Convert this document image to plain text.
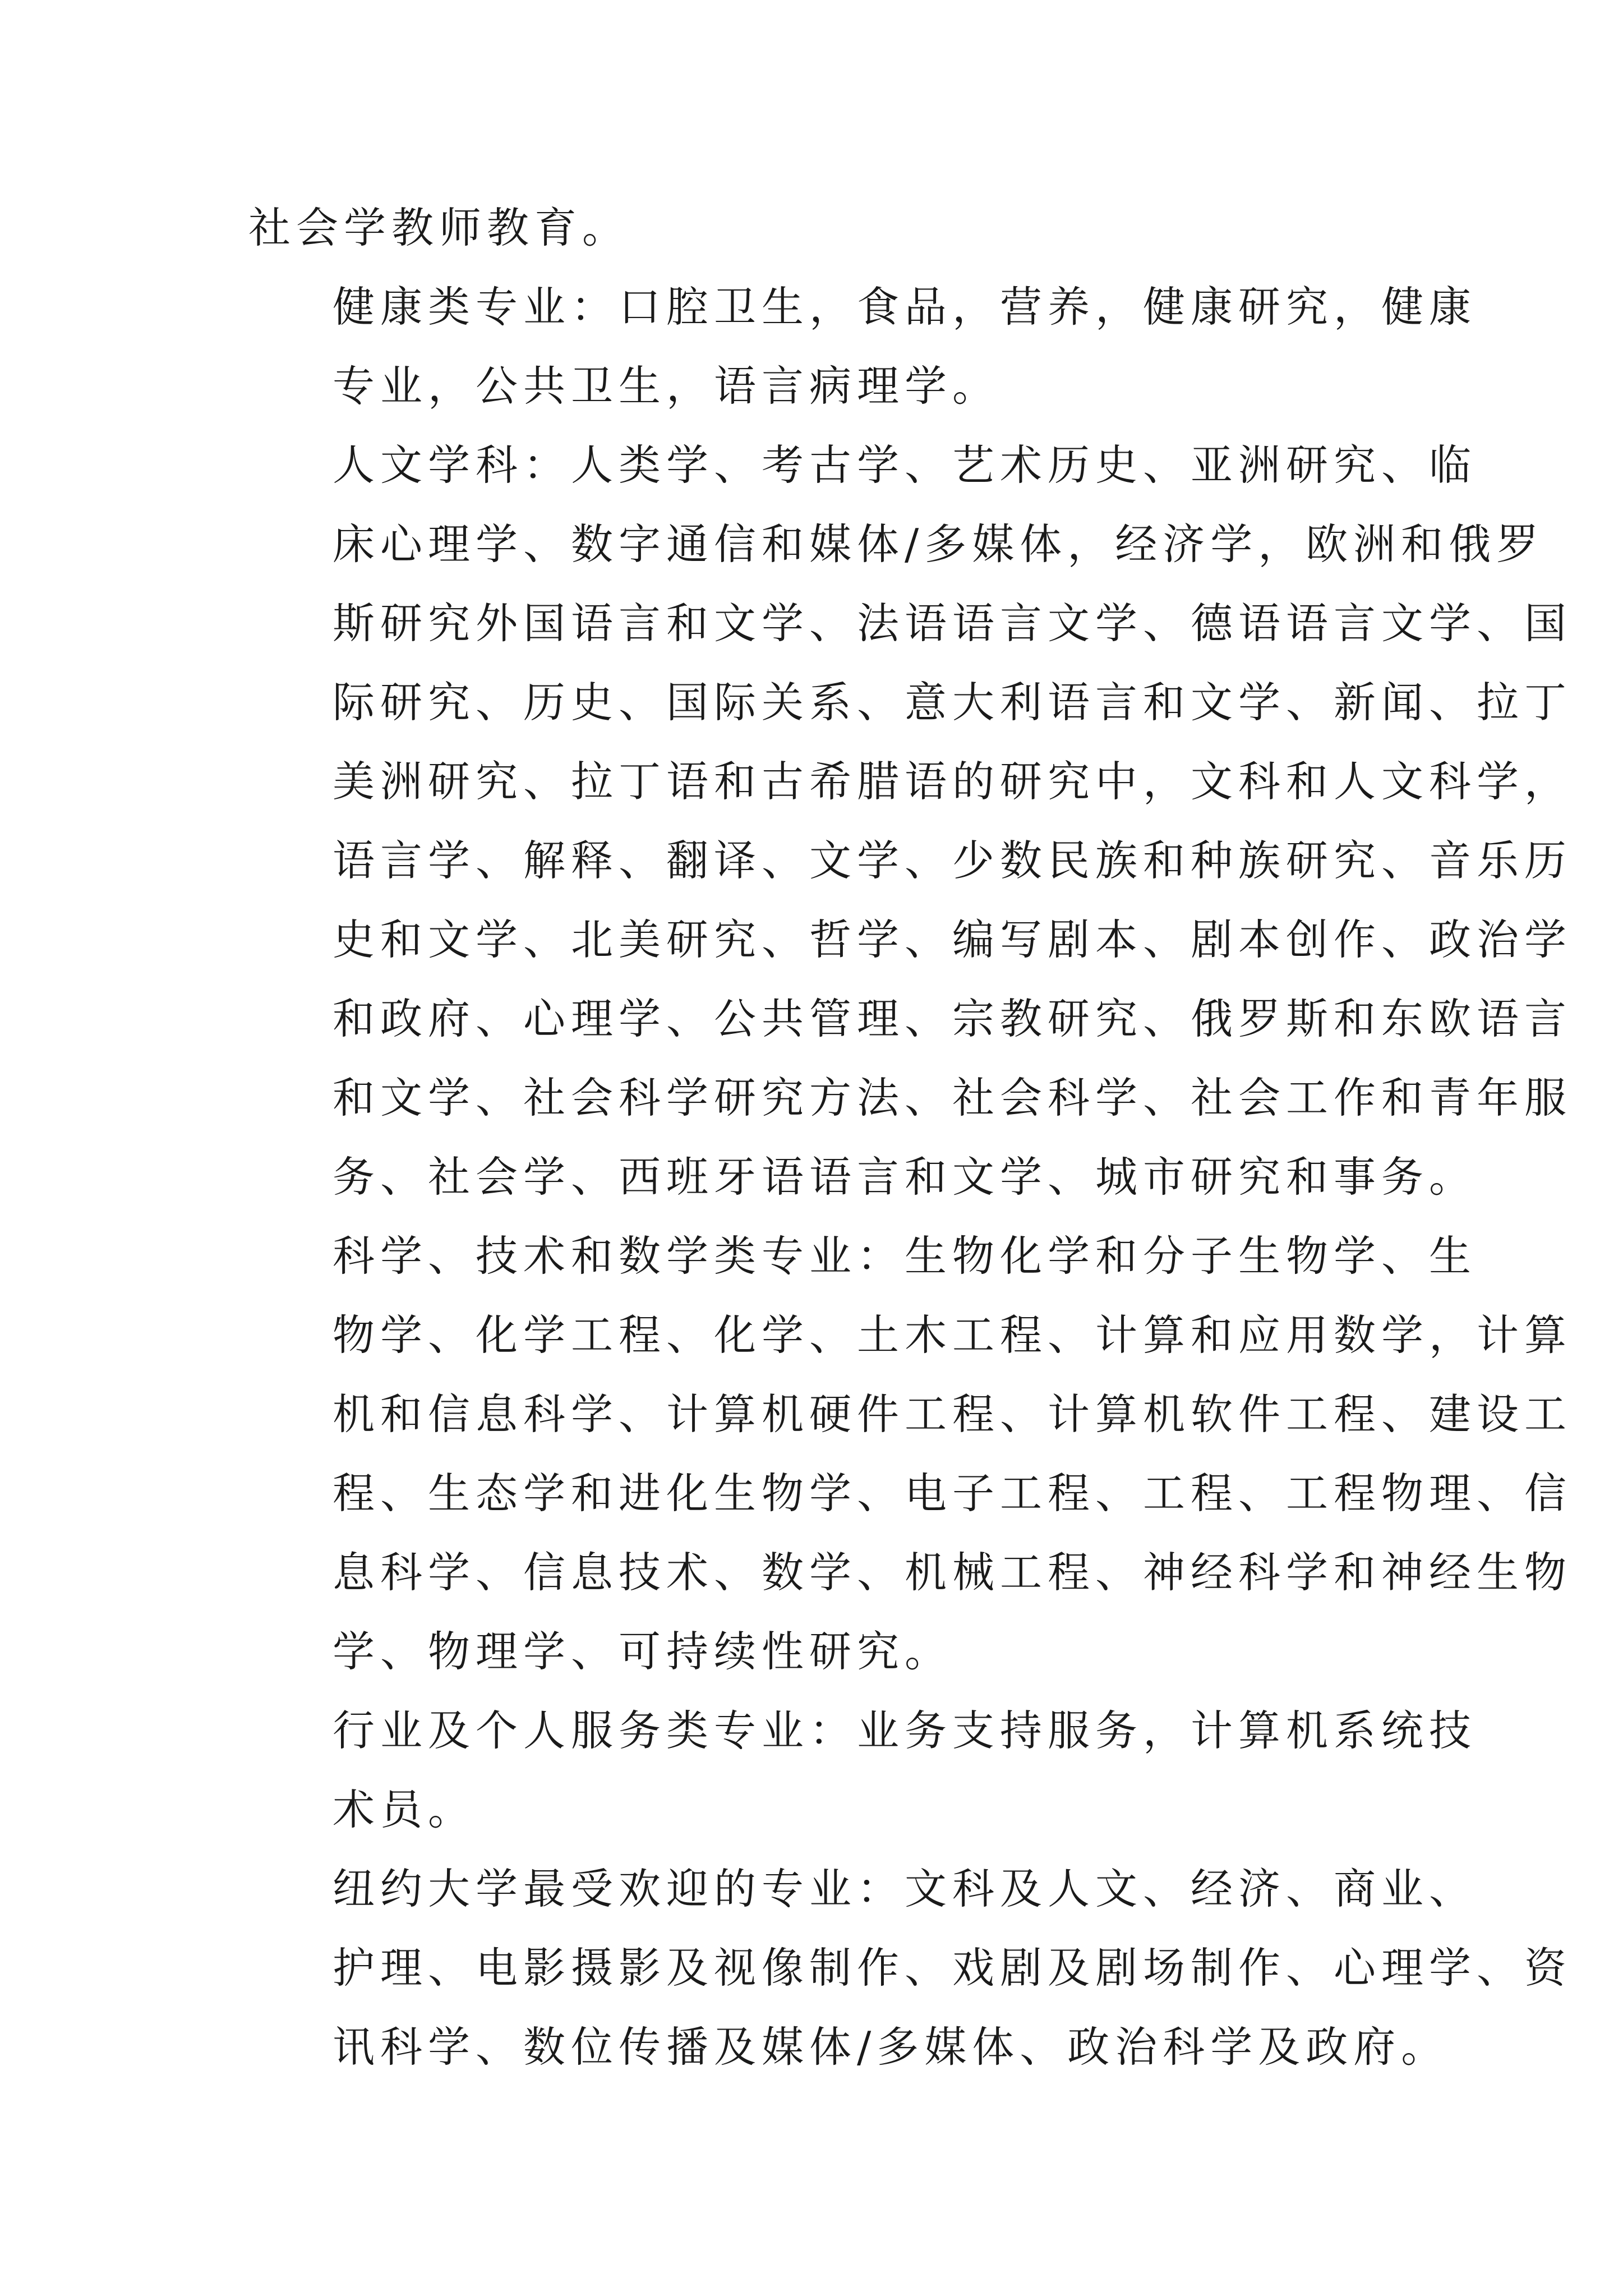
社会学教师教育。

健康类专业：口腔卫生，食品，营养，健康研究，健康
专业，公共卫生，语言病理学。

人文学科：人类学、考古学、艺术历史、亚洲研究、临
床心理学、数字通信和媒体/多媒体，经济学，欧洲和俄罗
斯研究外国语言和文学、法语语言文学、德语语言文学、国
际研究、历史、国际关系、意大利语言和文学、新闻、拉丁
美洲研究、拉丁语和古希腊语的研究中，文科和人文科学，
语言学、解释、翻译、文学、少数民族和种族研究、音乐历
史和文学、北美研究、哲学、编写剧本、剧本创作、政治学
和政府、心理学、公共管理、宗教研究、俄罗斯和东欧语言
和文学、社会科学研究方法、社会科学、社会工作和青年服
务、社会学、西班牙语语言和文学、城市研究和事务。

科学、技术和数学类专业：生物化学和分子生物学、生
物学、化学工程、化学、土木工程、计算和应用数学，计算
机和信息科学、计算机硬件工程、计算机软件工程、建设工
程、生态学和进化生物学、电子工程、工程、工程物理、信
息科学、信息技术、数学、机械工程、神经科学和神经生物
学、物理学、可持续性研究。

行业及个人服务类专业：业务支持服务，计算机系统技
术员。

纽约大学最受欢迎的专业：文科及人文、经济、商业、
护理、电影摄影及视像制作、戏剧及剧场制作、心理学、资
讯科学、数位传播及媒体/多媒体、政治科学及政府。
